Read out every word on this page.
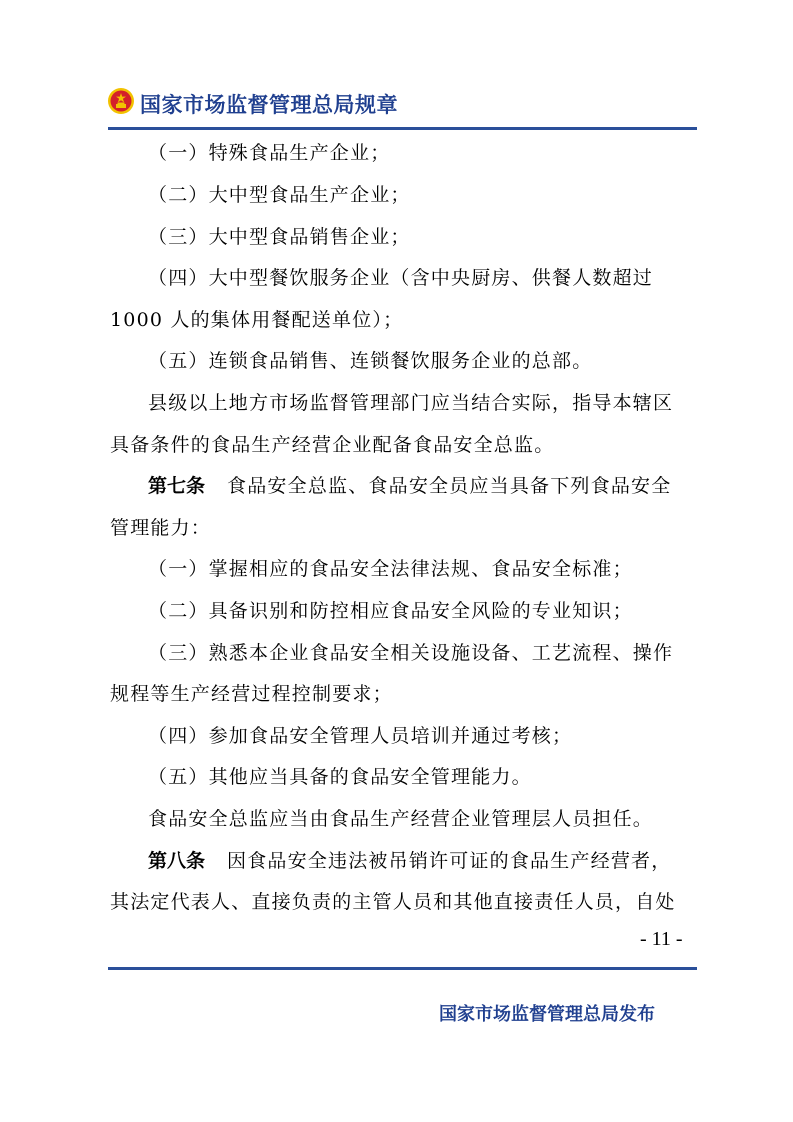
国家市场监督管理总局规章
（一）特殊食品生产企业；
（二）大中型食品生产企业；
（三）大中型食品销售企业；
（四）大中型餐饮服务企业（含中央厨房、供餐人数超过
1000 人的集体用餐配送单位）；
（五）连锁食品销售、连锁餐饮服务企业的总部。
县级以上地方市场监督管理部门应当结合实际，指导本辖区
具备条件的食品生产经营企业配备食品安全总监。
第七条 食品安全总监、食品安全员应当具备下列食品安全
管理能力：
（一）掌握相应的食品安全法律法规、食品安全标准；
（二）具备识别和防控相应食品安全风险的专业知识；
（三）熟悉本企业食品安全相关设施设备、工艺流程、操作
规程等生产经营过程控制要求；
（四）参加食品安全管理人员培训并通过考核；
（五）其他应当具备的食品安全管理能力。
食品安全总监应当由食品生产经营企业管理层人员担任。
第八条 因食品安全违法被吊销许可证的食品生产经营者，
其法定代表人、直接负责的主管人员和其他直接责任人员，自处
- 11 -
国家市场监督管理总局发布
